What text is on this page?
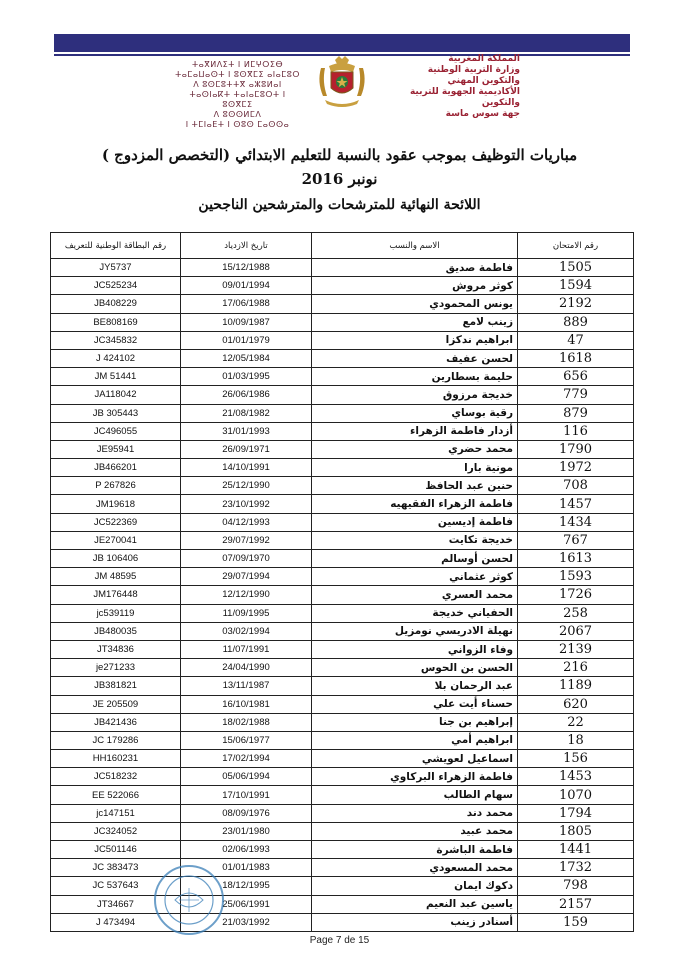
ⵜⴰⴳⵍⴷⵉⵜ ⵏ ⵍⵎⵖⵔⵉⴱ
ⵜⴰⵎⴰⵡⴰⵙⵜ ⵏ ⵓⵙⴳⵎⵉ ⴰⵏⴰⵎⵓⵔ
ⴷ ⵓⵙⵎⵓⵜⵜⴳ ⴰⵣⵓⵍⴰⵏ
ⵜⴰⵙⵏⴰⴽⵜ ⵜⴰⵏⴰⵎⵓⵔⵜ ⵏ ⵓⵙⴳⵎⵉ
ⴷ ⵓⵙⵙⵍⵎⴷ
ⵏ ⵜⵎⵏⴰⴹⵜ ⵏ ⵙⵓⵙ ⵎⴰⵙⵙⴰ
المملكة المغربية
وزارة التربية الوطنية
والتكوين المهني
الأكاديمية الجهوية للتربية والتكوين
جهة سوس ماسة
مباريات التوظيف بموجب عقود بالنسبة للتعليم الابتدائي (التخصص المزدوج )
نونبر 2016
اللائحة النهائية للمترشحات والمترشحين الناجحين
رقم الامتحان	الاسم والنسب	تاريخ الازدياد	رقم البطاقة الوطنية للتعريف
1505	فاطمة صديق	15/12/1988	JY5737
1594	كوثر مروش	09/01/1994	JC525234
2192	يونس المحمودي	17/06/1988	JB408229
889	زينب لامع	10/09/1987	BE808169
47	ابراهيم ندكزا	01/01/1979	JC345832
1618	لحسن عفيف	12/05/1984	J 424102
656	حليمة بسطارين	01/03/1995	JM 51441
779	خديجة مرزوق	26/06/1986	JA118042
879	رقية بوساي	21/08/1982	JB 305443
116	أزدار فاطمة الزهراء	31/01/1993	JC496055
1790	محمد حضري	26/09/1971	JE95941
1972	مونية بارا	14/10/1991	JB466201
708	حنين عبد الحافظ	25/12/1990	P 267826
1457	فاطمة الزهراء الفقيهيه	23/10/1992	JM19618
1434	فاطمة إديسين	04/12/1993	JC522369
767	خديجة تكايت	29/07/1992	JE270041
1613	لحسن أوسالم	07/09/1970	JB 106406
1593	كوثر عثماني	29/07/1994	JM 48595
1726	محمد العسري	12/12/1990	JM176448
258	الحفياني خديجة	11/09/1995	jc539119
2067	نهيلة الادريسي نومزيل	03/02/1994	JB480035
2139	وفاء الزواني	11/07/1991	JT34836
216	الحسن بن الحوس	24/04/1990	je271233
1189	عبد الرحمان بلا	13/11/1987	JB381821
620	حسناء أيت علي	16/10/1981	JE 205509
22	إبراهيم بن جنا	18/02/1988	JB421436
18	ابراهيم أمي	15/06/1977	JC 179286
156	اسماعيل لعويشي	17/02/1994	HH160231
1453	فاطمة الزهراء البركاوي	05/06/1994	JC518232
1070	سهام الطالب	17/10/1991	EE 522066
1794	محمد دند	08/09/1976	jc147151
1805	محمد عبيد	23/01/1980	JC324052
1441	فاطمة الباشرة	02/06/1993	JC501146
1732	محمد المسعودي	01/01/1983	JC 383473
798	دكوك ايمان	18/12/1995	JC 537643
2157	ياسين عبد النعيم	25/06/1991	JT34667
159	أسنادر زينب	21/03/1992	J 473494
Page 7 de 15
